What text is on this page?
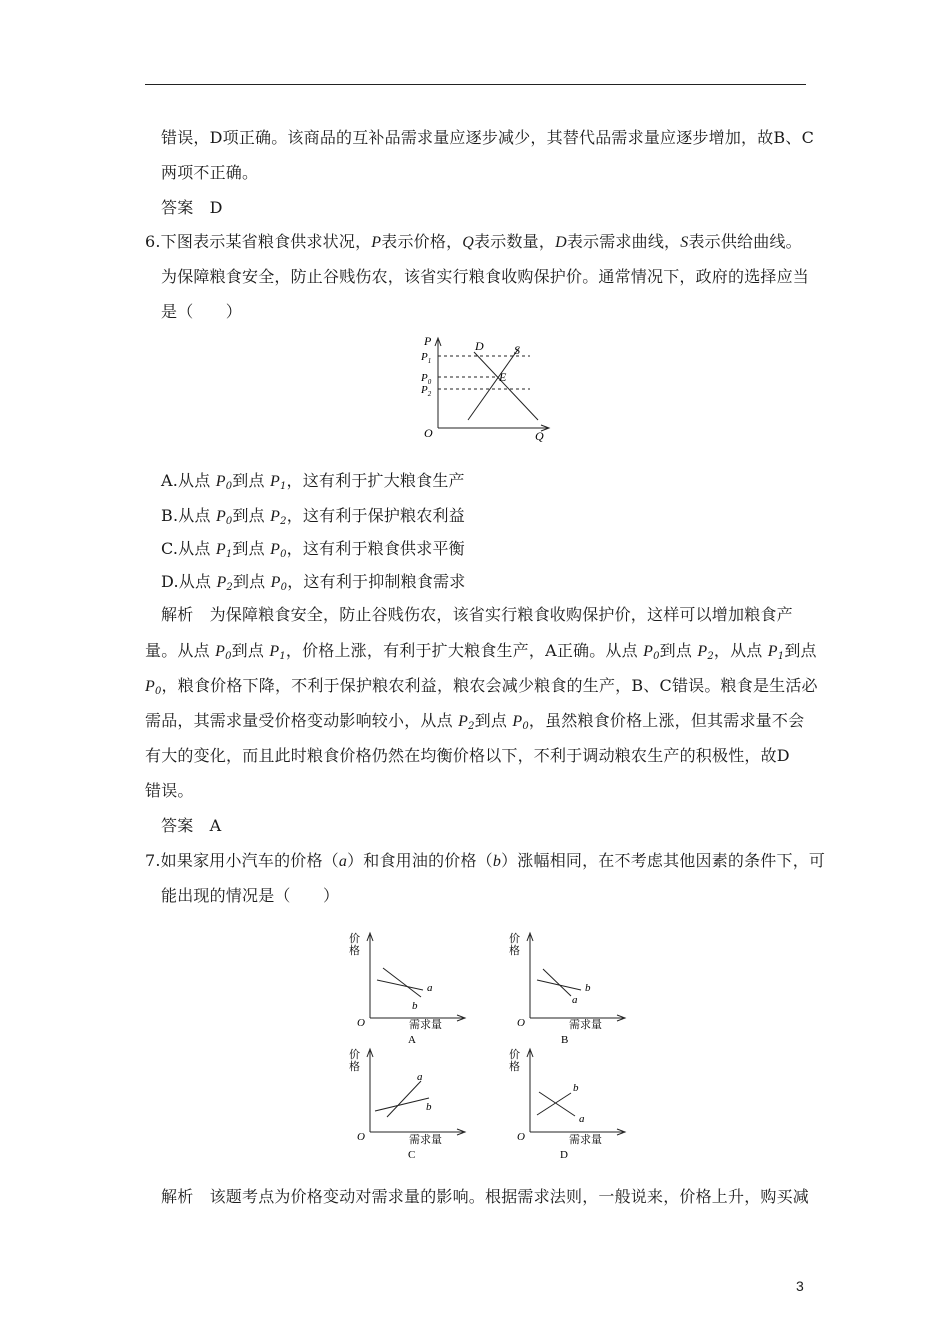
错误，D项正确。该商品的互补品需求量应逐步减少，其替代品需求量应逐步增加，故B、C
两项不正确。
答案　D
6.下图表示某省粮食供求状况，P表示价格，Q表示数量，D表示需求曲线，S表示供给曲线。
为保障粮食安全，防止谷贱伤农，该省实行粮食收购保护价。通常情况下，政府的选择应当
是（　　）
P
Q
O
$P_1$
$P_0$
$P_2$
D	S
E
A.从点 $P_0$到点 $P_1$，这有利于扩大粮食生产
B.从点 $P_0$到点 $P_2$，这有利于保护粮农利益
C.从点 $P_1$到点 $P_0$，这有利于粮食供求平衡
D.从点 $P_2$到点 $P_0$，这有利于抑制粮食需求
解析　为保障粮食安全，防止谷贱伤农，该省实行粮食收购保护价，这样可以增加粮食产
量。从点 $P_0$到点 $P_1$，价格上涨，有利于扩大粮食生产，A正确。从点 $P_0$到点 $P_2$，从点 $P_1$到点
$P_0$，粮食价格下降，不利于保护粮农利益，粮农会减少粮食的生产，B、C错误。粮食是生活必
需品，其需求量受价格变动影响较小，从点 $P_2$到点 $P_0$，虽然粮食价格上涨，但其需求量不会
有大的变化，而且此时粮食价格仍然在均衡价格以下，不利于调动粮农生产的积极性，故D
错误。
答案　A
7.如果家用小汽车的价格（a）和食用油的价格（b）涨幅相同，在不考虑其他因素的条件下，可
能出现的情况是（　　）
价
格
需求量
O
a
b
A
价
格
需求量
O
b
a
B
价
格
需求量
O
a
b
C
价
格
需求量
O
b
a
D
解析　该题考点为价格变动对需求量的影响。根据需求法则，一般说来，价格上升，购买减
3
